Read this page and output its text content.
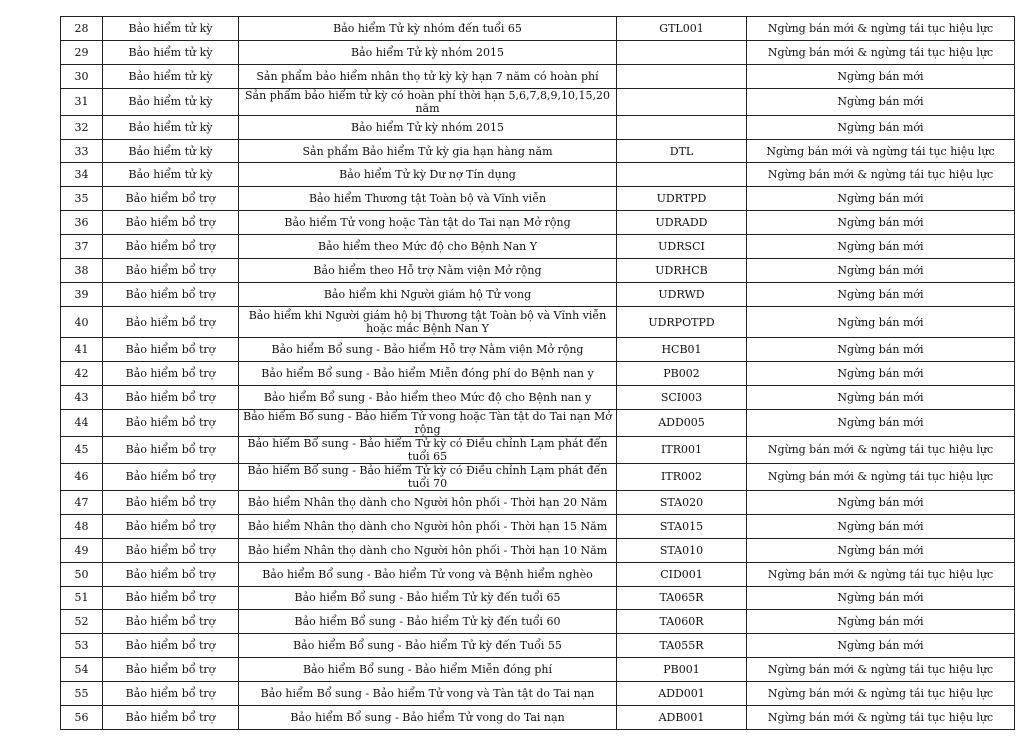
28	Bảo hiểm tử kỳ	Bảo hiểm Tử kỳ nhóm đến tuổi 65	GTL001	Ngừng bán mới & ngừng tái tục hiệu lực
29	Bảo hiểm tử kỳ	Bảo hiểm Tử kỳ nhóm 2015		Ngừng bán mới & ngừng tái tục hiệu lực
30	Bảo hiểm tử kỳ	Sản phẩm bảo hiểm nhân thọ tử kỳ kỳ hạn 7 năm có hoàn phí		Ngừng bán mới
31	Bảo hiểm tử kỳ	Sản phẩm bảo hiểm tử kỳ có hoàn phí thời hạn 5,6,7,8,9,10,15,20 năm		Ngừng bán mới
32	Bảo hiểm tử kỳ	Bảo hiểm Tử kỳ nhóm 2015		Ngừng bán mới
33	Bảo hiểm tử kỳ	Sản phẩm Bảo hiểm Tử kỳ gia hạn hàng năm	DTL	Ngừng bán mới và ngừng tái tục hiệu lực
34	Bảo hiểm tử kỳ	Bảo hiểm Tử kỳ Dư nợ Tín dụng		Ngừng bán mới & ngừng tái tục hiệu lực
35	Bảo hiểm bổ trợ	Bảo hiểm Thương tật Toàn bộ và Vĩnh viễn	UDRTPD	Ngừng bán mới
36	Bảo hiểm bổ trợ	Bảo hiểm Tử vong hoặc Tàn tật do Tai nạn Mở rộng	UDRADD	Ngừng bán mới
37	Bảo hiểm bổ trợ	Bảo hiểm theo Mức độ cho Bệnh Nan Y	UDRSCI	Ngừng bán mới
38	Bảo hiểm bổ trợ	Bảo hiểm theo Hỗ trợ Nằm viện Mở rộng	UDRHCB	Ngừng bán mới
39	Bảo hiểm bổ trợ	Bảo hiểm khi Người giám hộ Tử vong	UDRWD	Ngừng bán mới
40	Bảo hiểm bổ trợ	Bảo hiểm khi Người giám hộ bị Thương tật Toàn bộ và Vĩnh viễn hoặc mắc Bệnh Nan Y	UDRPOTPD	Ngừng bán mới
41	Bảo hiểm bổ trợ	Bảo hiểm Bổ sung - Bảo hiểm Hỗ trợ Nằm viện Mở rộng	HCB01	Ngừng bán mới
42	Bảo hiểm bổ trợ	Bảo hiểm Bổ sung - Bảo hiểm Miễn đóng phí do Bệnh nan y	PB002	Ngừng bán mới
43	Bảo hiểm bổ trợ	Bảo hiểm Bổ sung - Bảo hiểm theo Mức độ cho Bệnh nan y	SCI003	Ngừng bán mới
44	Bảo hiểm bổ trợ	Bảo hiểm Bổ sung - Bảo hiểm Tử vong hoặc Tàn tật do Tai nạn Mở rộng	ADD005	Ngừng bán mới
45	Bảo hiểm bổ trợ	Bảo hiểm Bổ sung - Bảo hiểm Tử kỳ có Điều chỉnh Lạm phát đến tuổi 65	ITR001	Ngừng bán mới & ngừng tái tục hiệu lực
46	Bảo hiểm bổ trợ	Bảo hiểm Bổ sung - Bảo hiểm Tử kỳ có Điều chỉnh Lạm phát đến tuổi 70	ITR002	Ngừng bán mới & ngừng tái tục hiệu lực
47	Bảo hiểm bổ trợ	Bảo hiểm Nhân thọ dành cho Người hôn phối - Thời hạn 20 Năm	STA020	Ngừng bán mới
48	Bảo hiểm bổ trợ	Bảo hiểm Nhân thọ dành cho Người hôn phối - Thời hạn 15 Năm	STA015	Ngừng bán mới
49	Bảo hiểm bổ trợ	Bảo hiểm Nhân thọ dành cho Người hôn phối - Thời hạn 10 Năm	STA010	Ngừng bán mới
50	Bảo hiểm bổ trợ	Bảo hiểm Bổ sung - Bảo hiểm Tử vong và Bệnh hiểm nghèo	CID001	Ngừng bán mới & ngừng tái tục hiệu lực
51	Bảo hiểm bổ trợ	Bảo hiểm Bổ sung - Bảo hiểm Tử kỳ đến tuổi 65	TA065R	Ngừng bán mới
52	Bảo hiểm bổ trợ	Bảo hiểm Bổ sung - Bảo hiểm Tử kỳ đến tuổi 60	TA060R	Ngừng bán mới
53	Bảo hiểm bổ trợ	Bảo hiểm Bổ sung - Bảo hiểm Tử kỳ đến Tuổi 55	TA055R	Ngừng bán mới
54	Bảo hiểm bổ trợ	Bảo hiểm Bổ sung - Bảo hiểm Miễn đóng phí	PB001	Ngừng bán mới & ngừng tái tục hiệu lực
55	Bảo hiểm bổ trợ	Bảo hiểm Bổ sung - Bảo hiểm Tử vong và Tàn tật do Tai nạn	ADD001	Ngừng bán mới & ngừng tái tục hiệu lực
56	Bảo hiểm bổ trợ	Bảo hiểm Bổ sung - Bảo hiểm Tử vong do Tai nạn	ADB001	Ngừng bán mới & ngừng tái tục hiệu lực
